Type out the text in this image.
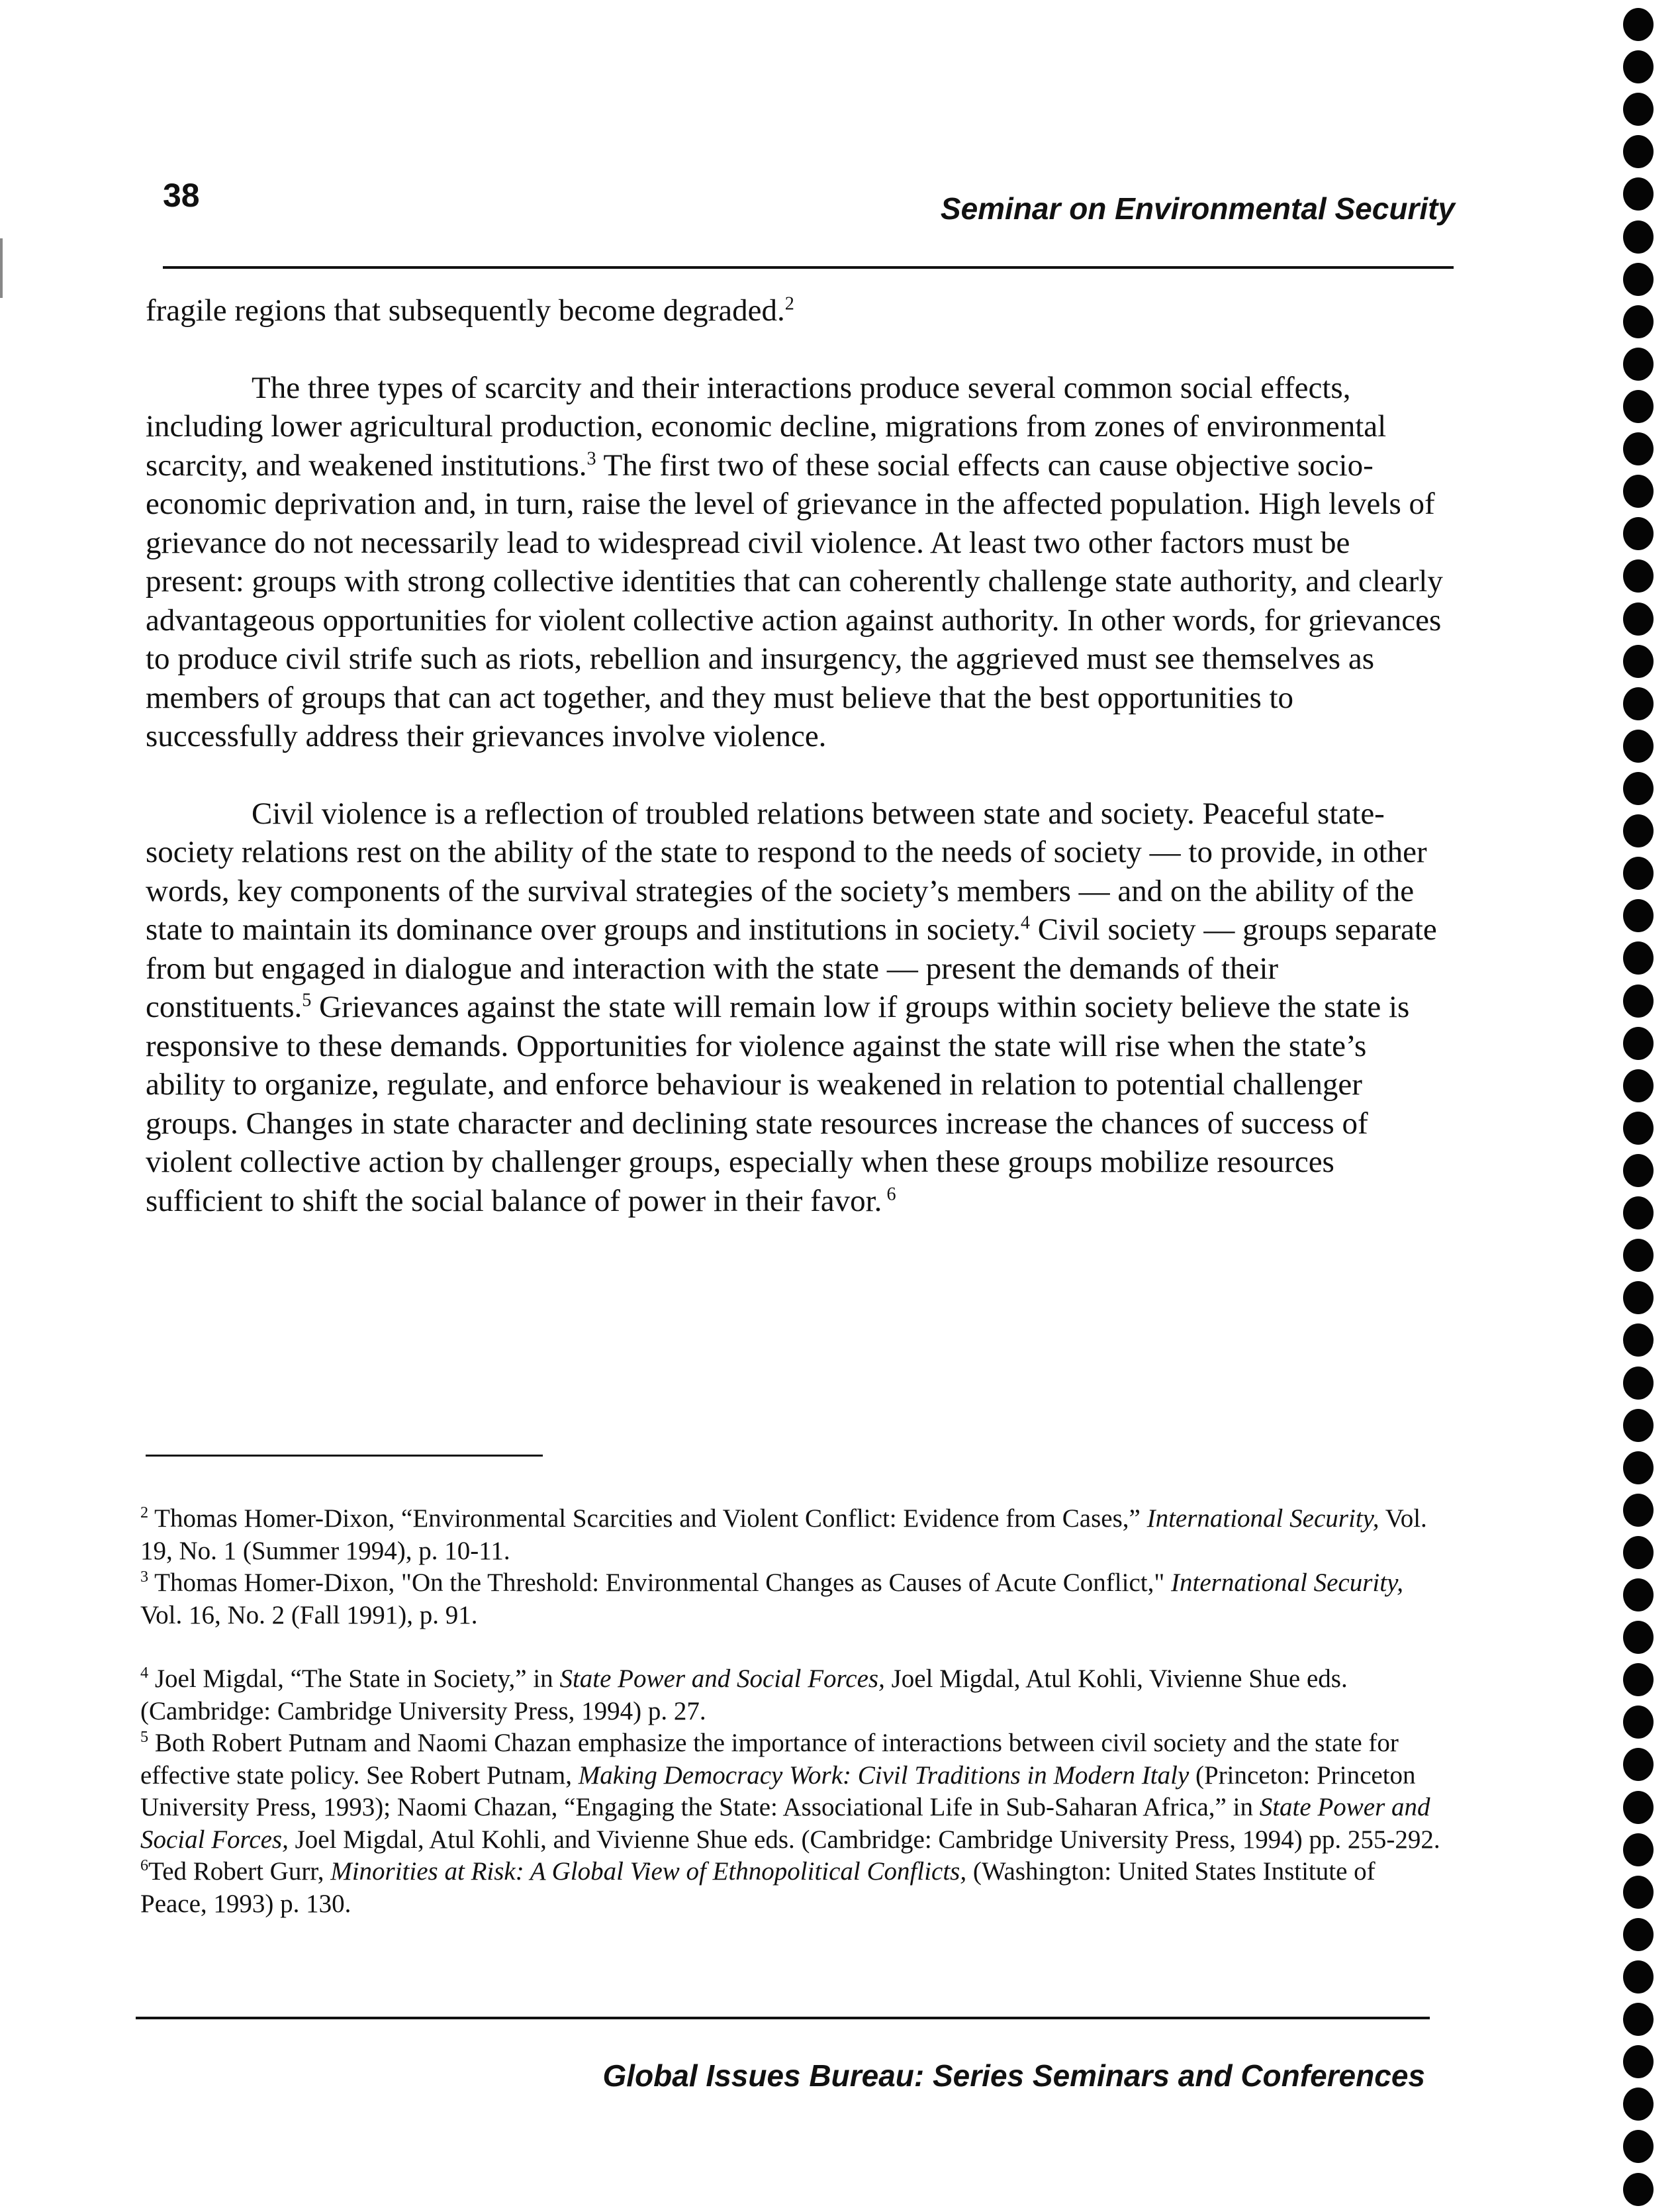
38	Seminar on Environmental Security

fragile regions that subsequently become degraded.$^2$

The three types of scarcity and their interactions produce several common social effects, including lower agricultural production, economic decline, migrations from zones of environmental scarcity, and weakened institutions.$^3$ The first two of these social effects can cause objective socio-economic deprivation and, in turn, raise the level of grievance in the affected population. High levels of grievance do not necessarily lead to widespread civil violence. At least two other factors must be present: groups with strong collective identities that can coherently challenge state authority, and clearly advantageous opportunities for violent collective action against authority. In other words, for grievances to produce civil strife such as riots, rebellion and insurgency, the aggrieved must see themselves as members of groups that can act together, and they must believe that the best opportunities to successfully address their grievances involve violence.

Civil violence is a reflection of troubled relations between state and society. Peaceful state-society relations rest on the ability of the state to respond to the needs of society — to provide, in other words, key components of the survival strategies of the society’s members — and on the ability of the state to maintain its dominance over groups and institutions in society.$^4$ Civil society — groups separate from but engaged in dialogue and interaction with the state — present the demands of their constituents.$^5$ Grievances against the state will remain low if groups within society believe the state is responsive to these demands. Opportunities for violence against the state will rise when the state’s ability to organize, regulate, and enforce behaviour is weakened in relation to potential challenger groups. Changes in state character and declining state resources increase the chances of success of violent collective action by challenger groups, especially when these groups mobilize resources sufficient to shift the social balance of power in their favor. $^6$

$^2$ Thomas Homer-Dixon, “Environmental Scarcities and Violent Conflict: Evidence from Cases,” International Security, Vol. 19, No. 1 (Summer 1994), p. 10-11.

$^3$ Thomas Homer-Dixon, "On the Threshold: Environmental Changes as Causes of Acute Conflict," International Security, Vol. 16, No. 2 (Fall 1991), p. 91.

$^4$ Joel Migdal, “The State in Society,” in State Power and Social Forces, Joel Migdal, Atul Kohli, Vivienne Shue eds. (Cambridge: Cambridge University Press, 1994) p. 27.

$^5$ Both Robert Putnam and Naomi Chazan emphasize the importance of interactions between civil society and the state for effective state policy. See Robert Putnam, Making Democracy Work: Civil Traditions in Modern Italy (Princeton: Princeton University Press, 1993); Naomi Chazan, “Engaging the State: Associational Life in Sub-Saharan Africa,” in State Power and Social Forces, Joel Migdal, Atul Kohli, and Vivienne Shue eds. (Cambridge: Cambridge University Press, 1994) pp. 255-292.

$^6$Ted Robert Gurr, Minorities at Risk: A Global View of Ethnopolitical Conflicts, (Washington: United States Institute of Peace, 1993) p. 130.

Global Issues Bureau: Series Seminars and Conferences
